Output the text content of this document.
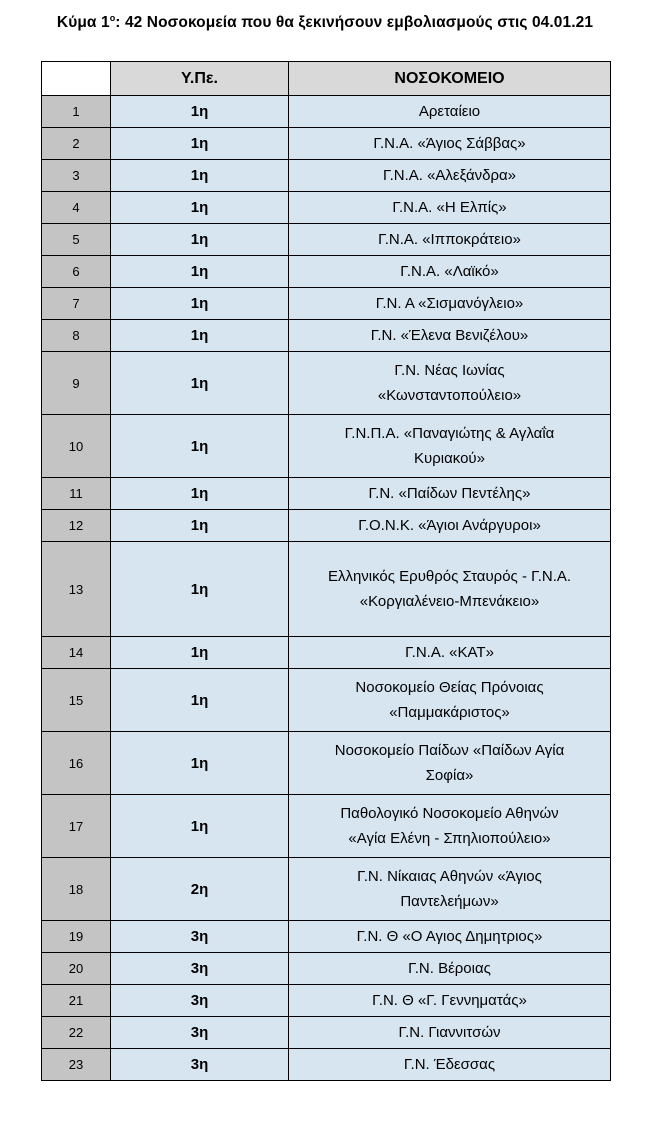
Κύμα $1^o$: 42 Νοσοκομεία που θα ξεκινήσουν εμβολιασμούς στις 04.01.21
	Υ.Πε.	ΝΟΣΟΚΟΜΕΙΟ
1	1η	Αρεταίειο
2	1η	Γ.Ν.Α. «Άγιος Σάββας»
3	1η	Γ.Ν.Α. «Αλεξάνδρα»
4	1η	Γ.Ν.Α. «Η Ελπίς»
5	1η	Γ.Ν.Α. «Ιπποκράτειο»
6	1η	Γ.Ν.Α. «Λαϊκό»
7	1η	Γ.Ν. Α «Σισμανόγλειο»
8	1η	Γ.Ν. «Έλενα Βενιζέλου»
9	1η	Γ.Ν. Νέας Ιωνίας
«Κωνσταντοπούλειο»
10	1η	Γ.Ν.Π.Α. «Παναγιώτης & Αγλαΐα
Κυριακού»
11	1η	Γ.Ν. «Παίδων Πεντέλης»
12	1η	Γ.Ο.Ν.Κ. «Άγιοι Ανάργυροι»
13	1η	Ελληνικός Ερυθρός Σταυρός - Γ.Ν.Α.
«Κοργιαλένειο-Μπενάκειο»
14	1η	Γ.Ν.Α. «ΚΑΤ»
15	1η	Νοσοκομείο Θείας Πρόνοιας
«Παμμακάριστος»
16	1η	Νοσοκομείο Παίδων «Παίδων Αγία
Σοφία»
17	1η	Παθολογικό Νοσοκομείο Αθηνών
«Αγία Ελένη - Σπηλιοπούλειο»
18	2η	Γ.Ν. Νίκαιας Αθηνών «Άγιος
Παντελεήμων»
19	3η	Γ.Ν. Θ «Ο Αγιος Δημητριος»
20	3η	Γ.Ν. Βέροιας
21	3η	Γ.Ν. Θ «Γ. Γεννηματάς»
22	3η	Γ.Ν. Γιαννιτσών
23	3η	Γ.Ν. Έδεσσας
